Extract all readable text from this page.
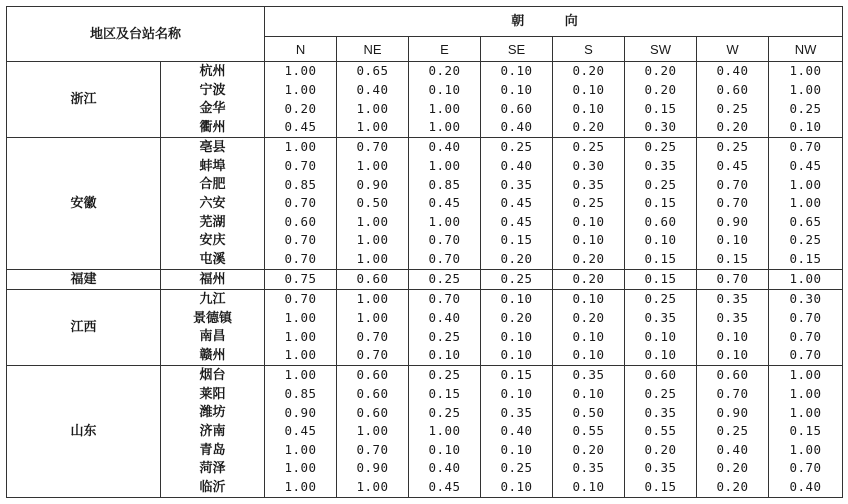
地区及台站名称		朝 向							
		N	NE	E	SE	S	SW	W	NW
浙江	杭州	1.00	0.65	0.20	0.10	0.20	0.20	0.40	1.00
	宁波	1.00	0.40	0.10	0.10	0.10	0.20	0.60	1.00
	金华	0.20	1.00	1.00	0.60	0.10	0.15	0.25	0.25
	衢州	0.45	1.00	1.00	0.40	0.20	0.30	0.20	0.10
安徽	亳县	1.00	0.70	0.40	0.25	0.25	0.25	0.25	0.70
	蚌埠	0.70	1.00	1.00	0.40	0.30	0.35	0.45	0.45
	合肥	0.85	0.90	0.85	0.35	0.35	0.25	0.70	1.00
	六安	0.70	0.50	0.45	0.45	0.25	0.15	0.70	1.00
	芜湖	0.60	1.00	1.00	0.45	0.10	0.60	0.90	0.65
	安庆	0.70	1.00	0.70	0.15	0.10	0.10	0.10	0.25
	屯溪	0.70	1.00	0.70	0.20	0.20	0.15	0.15	0.15
福建	福州	0.75	0.60	0.25	0.25	0.20	0.15	0.70	1.00
江西	九江	0.70	1.00	0.70	0.10	0.10	0.25	0.35	0.30
	景德镇	1.00	1.00	0.40	0.20	0.20	0.35	0.35	0.70
	南昌	1.00	0.70	0.25	0.10	0.10	0.10	0.10	0.70
	赣州	1.00	0.70	0.10	0.10	0.10	0.10	0.10	0.70
山东	烟台	1.00	0.60	0.25	0.15	0.35	0.60	0.60	1.00
	莱阳	0.85	0.60	0.15	0.10	0.10	0.25	0.70	1.00
	潍坊	0.90	0.60	0.25	0.35	0.50	0.35	0.90	1.00
	济南	0.45	1.00	1.00	0.40	0.55	0.55	0.25	0.15
	青岛	1.00	0.70	0.10	0.10	0.20	0.20	0.40	1.00
	菏泽	1.00	0.90	0.40	0.25	0.35	0.35	0.20	0.70
	临沂	1.00	1.00	0.45	0.10	0.10	0.15	0.20	0.40
